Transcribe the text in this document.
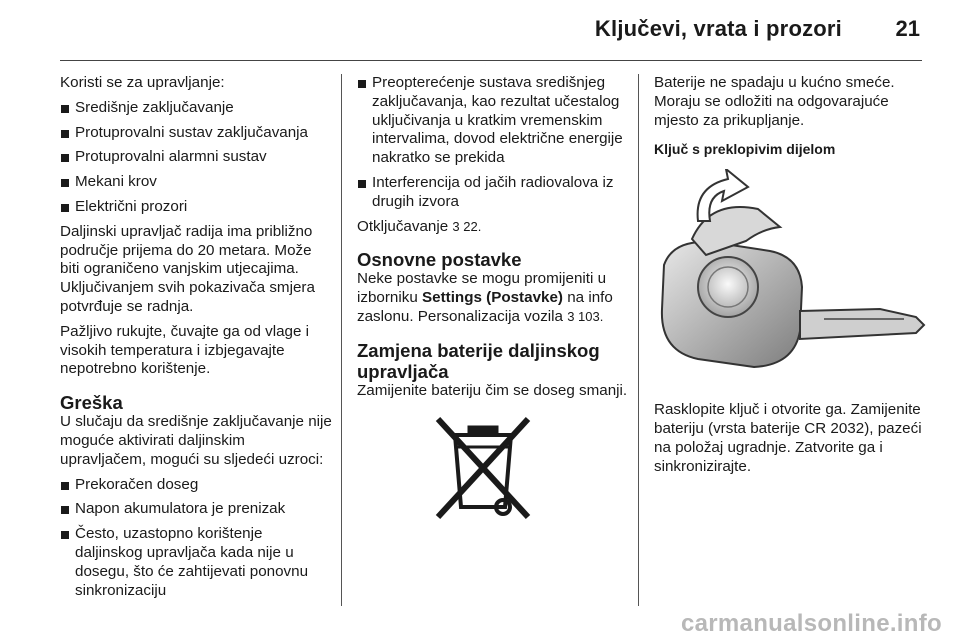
Ključevi, vrata i prozori 21

Koristi se za upravljanje:

Središnje zaključavanje
Protuprovalni sustav zaključavanja
Protuprovalni alarmni sustav
Mekani krov
Električni prozori

Daljinski upravljač radija ima približno područje prijema do 20 metara. Može biti ograničeno vanjskim utjecajima. Uključivanjem svih pokazivača smjera potvrđuje se radnja.

Pažljivo rukujte, čuvajte ga od vlage i visokih temperatura i izbjegavajte nepotrebno korištenje.

Greška

U slučaju da središnje zaključavanje nije moguće aktivirati daljinskim upravljačem, mogući su sljedeći uzroci:

Prekoračen doseg
Napon akumulatora je prenizak
Često, uzastopno korištenje daljinskog upravljača kada nije u dosegu, što će zahtijevati ponovnu sinkronizaciju
Preopterećenje sustava središnjeg zaključavanja, kao rezultat učestalog uključivanja u kratkim vremenskim intervalima, dovod električne energije nakratko se prekida
Interferencija od jačih radiovalova iz drugih izvora

Otključavanje 3 22.

Osnovne postavke

Neke postavke se mogu promijeniti u izborniku Settings (Postavke) na info zaslonu. Personalizacija vozila 3 103.

Zamjena baterije daljinskog upravljača

Zamijenite bateriju čim se doseg smanji.

Baterije ne spadaju u kućno smeće. Moraju se odložiti na odgovarajuće mjesto za prikupljanje.

Ključ s preklopivim dijelom

Rasklopite ključ i otvorite ga. Zamijenite bateriju (vrsta baterije CR 2032), pazeći na položaj ugradnje. Zatvorite ga i sinkronizirajte.

carmanualsonline.info
